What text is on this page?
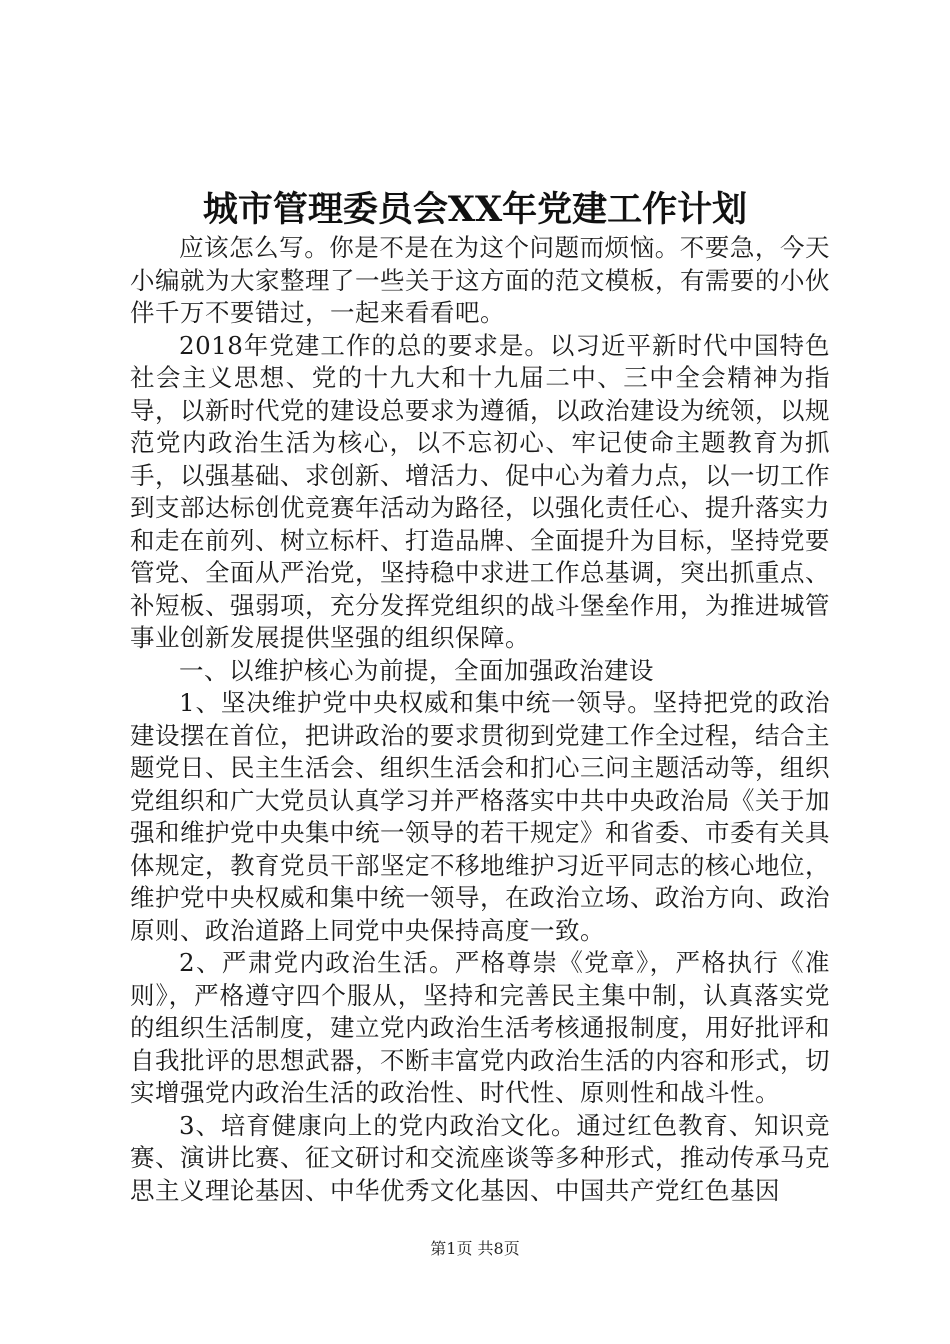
城市管理委员会XX年党建工作计划

应该怎么写。你是不是在为这个问题而烦恼。不要急，今天小编就为大家整理了一些关于这方面的范文模板，有需要的小伙伴千万不要错过，一起来看看吧。

2018年党建工作的总的要求是。以习近平新时代中国特色社会主义思想、党的十九大和十九届二中、三中全会精神为指导，以新时代党的建设总要求为遵循，以政治建设为统领，以规范党内政治生活为核心，以不忘初心、牢记使命主题教育为抓手，以强基础、求创新、增活力、促中心为着力点，以一切工作到支部达标创优竞赛年活动为路径，以强化责任心、提升落实力和走在前列、树立标杆、打造品牌、全面提升为目标，坚持党要管党、全面从严治党，坚持稳中求进工作总基调，突出抓重点、补短板、强弱项，充分发挥党组织的战斗堡垒作用，为推进城管事业创新发展提供坚强的组织保障。

一、以维护核心为前提，全面加强政治建设

1、坚决维护党中央权威和集中统一领导。坚持把党的政治建设摆在首位，把讲政治的要求贯彻到党建工作全过程，结合主题党日、民主生活会、组织生活会和扪心三问主题活动等，组织党组织和广大党员认真学习并严格落实中共中央政治局《关于加强和维护党中央集中统一领导的若干规定》和省委、市委有关具体规定，教育党员干部坚定不移地维护习近平同志的核心地位，维护党中央权威和集中统一领导，在政治立场、政治方向、政治原则、政治道路上同党中央保持高度一致。

2、严肃党内政治生活。严格尊崇《党章》，严格执行《准则》，严格遵守四个服从，坚持和完善民主集中制，认真落实党的组织生活制度，建立党内政治生活考核通报制度，用好批评和自我批评的思想武器，不断丰富党内政治生活的内容和形式，切实增强党内政治生活的政治性、时代性、原则性和战斗性。

3、培育健康向上的党内政治文化。通过红色教育、知识竞赛、演讲比赛、征文研讨和交流座谈等多种形式，推动传承马克思主义理论基因、中华优秀文化基因、中国共产党红色基因

第1页 共8页
